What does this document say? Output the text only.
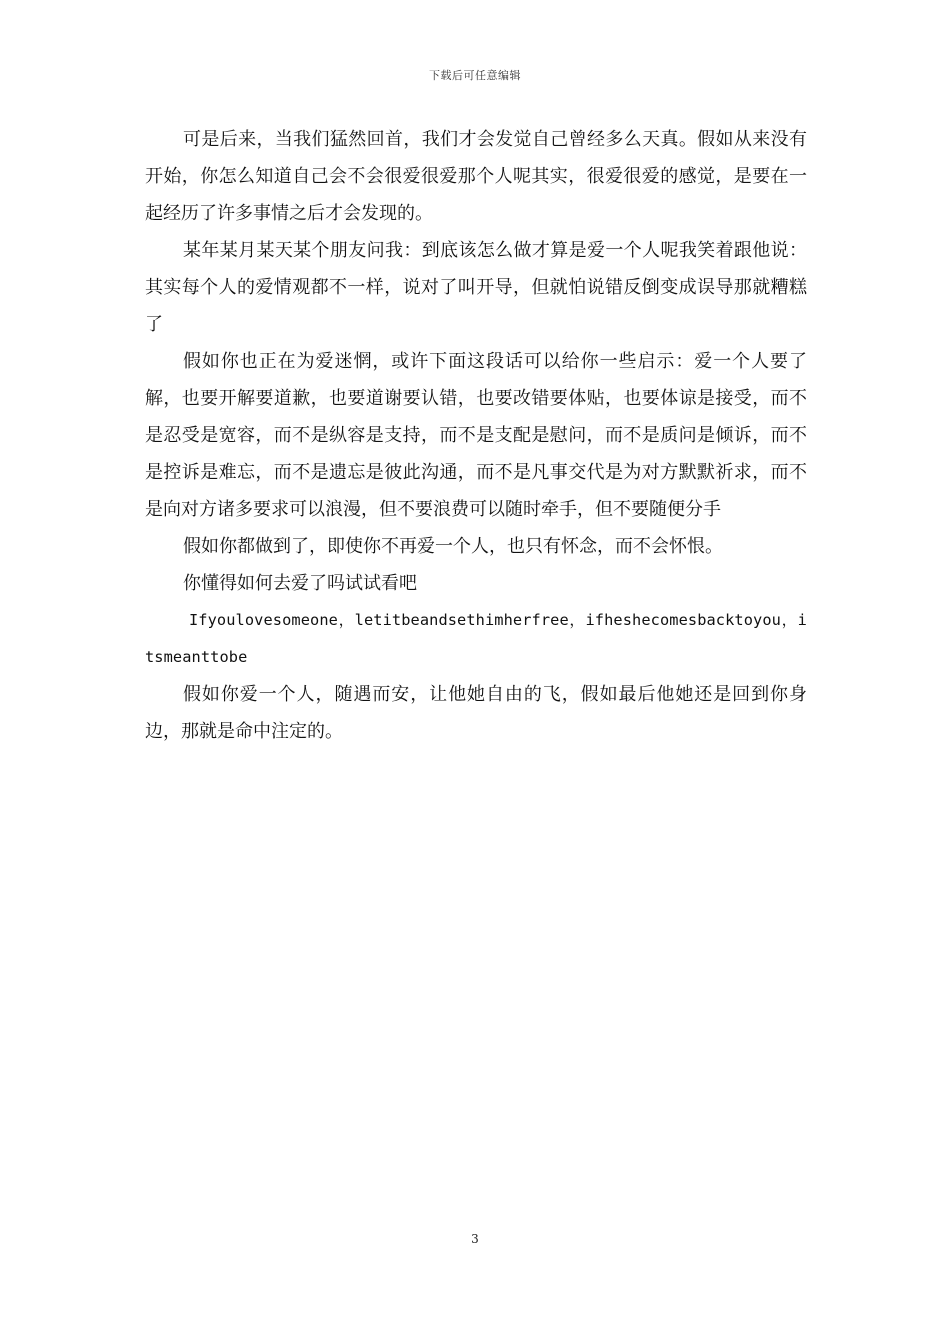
下载后可任意编辑

可是后来，当我们猛然回首，我们才会发觉自己曾经多么天真。假如从来没有开始，你怎么知道自己会不会很爱很爱那个人呢其实，很爱很爱的感觉，是要在一起经历了许多事情之后才会发现的。

某年某月某天某个朋友问我：到底该怎么做才算是爱一个人呢我笑着跟他说：其实每个人的爱情观都不一样，说对了叫开导，但就怕说错反倒变成误导那就糟糕了

假如你也正在为爱迷惘，或许下面这段话可以给你一些启示：爱一个人要了解，也要开解要道歉，也要道谢要认错，也要改错要体贴，也要体谅是接受，而不是忍受是宽容，而不是纵容是支持，而不是支配是慰问，而不是质问是倾诉，而不是控诉是难忘，而不是遗忘是彼此沟通，而不是凡事交代是为对方默默祈求，而不是向对方诸多要求可以浪漫，但不要浪费可以随时牵手，但不要随便分手

假如你都做到了，即使你不再爱一个人，也只有怀念，而不会怀恨。

你懂得如何去爱了吗试试看吧

Ifyoulovesomeone，letitbeandsethimherfree，ifheshecomesbacktoyou，itsmeanttobe

假如你爱一个人，随遇而安，让他她自由的飞，假如最后他她还是回到你身边，那就是命中注定的。

3
